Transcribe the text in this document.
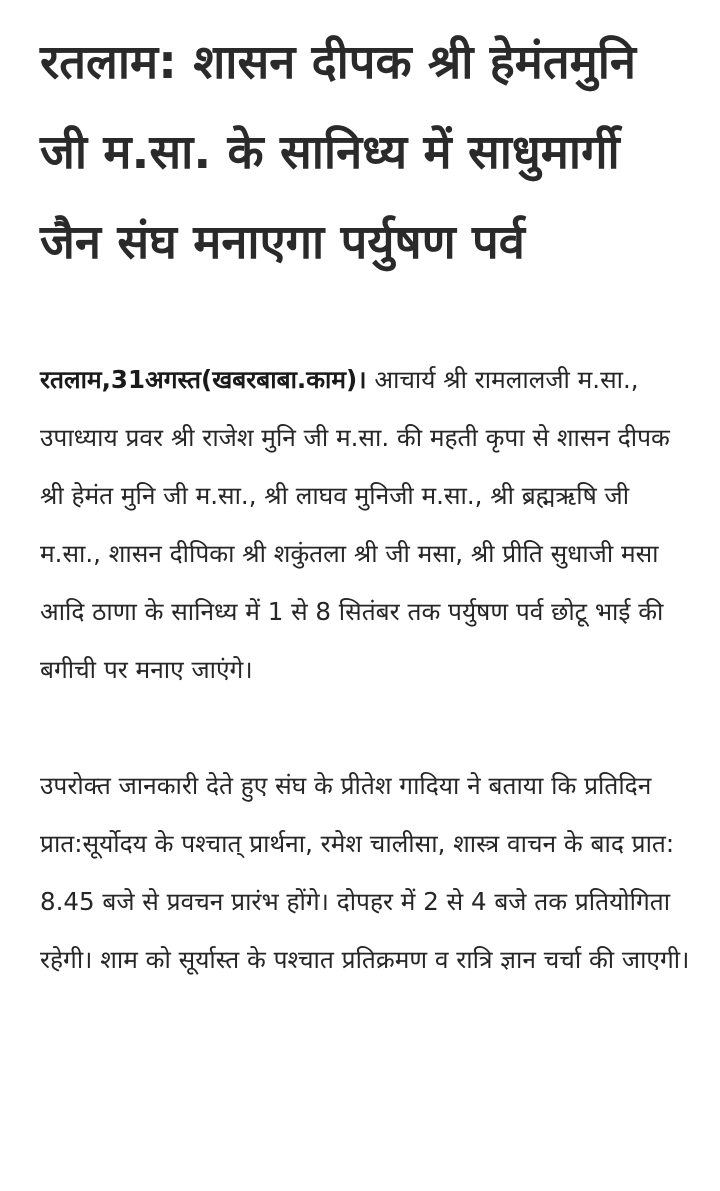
रतलाम: शासन दीपक श्री हेमंतमुनि जी म.सा. के सानिध्य में साधुमार्गी जैन संघ मनाएगा पर्युषण पर्व

रतलाम,31अगस्त(खबरबाबा.काम)। आचार्य श्री रामलालजी म.सा., उपाध्याय प्रवर श्री राजेश मुनि जी म.सा. की महती कृपा से शासन दीपक श्री हेमंत मुनि जी म.सा., श्री लाघव मुनिजी म.सा., श्री ब्रह्मऋषि जी म.सा., शासन दीपिका श्री शकुंतला श्री जी मसा, श्री प्रीति सुधाजी मसा आदि ठाणा के सानिध्य में 1 से 8 सितंबर तक पर्युषण पर्व छोटू भाई की बगीची पर मनाए जाएंगे।

उपरोक्त जानकारी देते हुए संघ के प्रीतेश गादिया ने बताया कि प्रतिदिन प्रात:सूर्योदय के पश्चात् प्रार्थना, रमेश चालीसा, शास्त्र वाचन के बाद प्रात: 8.45 बजे से प्रवचन प्रारंभ होंगे। दोपहर में 2 से 4 बजे तक प्रतियोगिता रहेगी। शाम को सूर्यास्त के पश्चात प्रतिक्रमण व रात्रि ज्ञान चर्चा की जाएगी।
